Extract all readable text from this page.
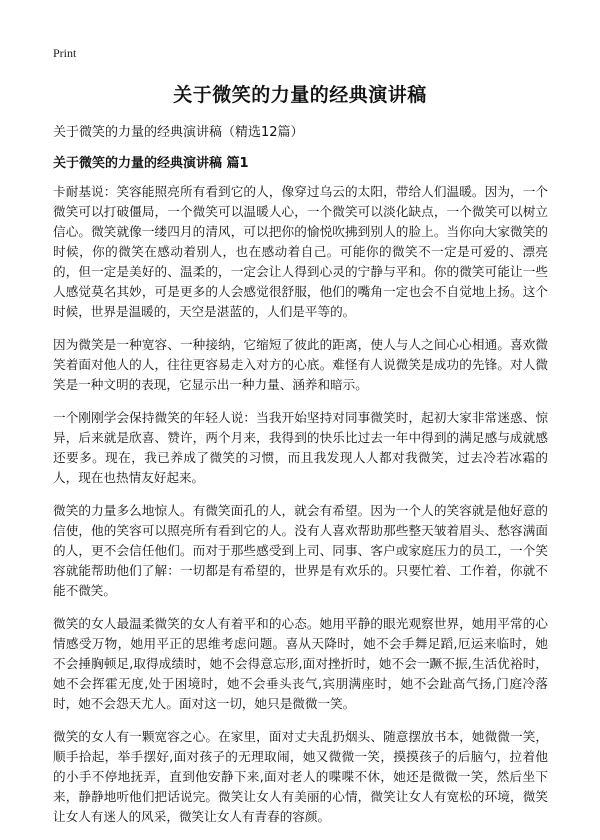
Print
关于微笑的力量的经典演讲稿
关于微笑的力量的经典演讲稿（精选12篇）
关于微笑的力量的经典演讲稿 篇1

卡耐基说：笑容能照亮所有看到它的人，像穿过乌云的太阳，带给人们温暖。因为，一个微笑可以打破僵局，一个微笑可以温暖人心，一个微笑可以淡化缺点，一个微笑可以树立信心。微笑就像一缕四月的清风，可以把你的愉悦吹拂到别人的脸上。当你向大家微笑的时候，你的微笑在感动着别人，也在感动着自己。可能你的微笑不一定是可爱的、漂亮的，但一定是美好的、温柔的，一定会让人得到心灵的宁静与平和。你的微笑可能让一些人感觉莫名其妙，可是更多的人会感觉很舒服，他们的嘴角一定也会不自觉地上扬。这个时候，世界是温暖的，天空是湛蓝的，人们是平等的。

因为微笑是一种宽容、一种接纳，它缩短了彼此的距离，使人与人之间心心相通。喜欢微笑着面对他人的人，往往更容易走入对方的心底。难怪有人说微笑是成功的先锋。对人微笑是一种文明的表现，它显示出一种力量、涵养和暗示。

一个刚刚学会保持微笑的年轻人说：当我开始坚持对同事微笑时，起初大家非常迷惑、惊异，后来就是欣喜、赞许，两个月来，我得到的快乐比过去一年中得到的满足感与成就感还要多。现在，我已养成了微笑的习惯，而且我发现人人都对我微笑，过去冷若冰霜的人，现在也热情友好起来。

微笑的力量多么地惊人。有微笑面孔的人，就会有希望。因为一个人的笑容就是他好意的信使，他的笑容可以照亮所有看到它的人。没有人喜欢帮助那些整天皱着眉头、愁容满面的人，更不会信任他们。而对于那些感受到上司、同事、客户或家庭压力的员工，一个笑容就能帮助他们了解：一切都是有希望的，世界是有欢乐的。只要忙着、工作着，你就不能不微笑。

微笑的女人最温柔微笑的女人有着平和的心态。她用平静的眼光观察世界，她用平常的心情感受万物，她用平正的思维考虑问题。喜从天降时，她不会手舞足蹈,厄运来临时，她不会捶胸顿足,取得成绩时，她不会得意忘形,面对挫折时，她不会一蹶不振,生活优裕时，她不会挥霍无度,处于困境时，她不会垂头丧气,宾朋满座时，她不会趾高气扬,门庭冷落时，她不会怨天尤人。面对这一切，她只是微微一笑。

微笑的女人有一颗宽容之心。在家里，面对丈夫乱扔烟头、随意摆放书本，她微微一笑，顺手拾起，举手摆好,面对孩子的无理取闹，她又微微一笑，摸摸孩子的后脑勺，拉着他的小手不停地抚弄，直到他安静下来,面对老人的喋喋不休，她还是微微一笑，然后坐下来，静静地听他们把话说完。微笑让女人有美丽的心情，微笑让女人有宽松的环境，微笑让女人有迷人的风采，微笑让女人有青春的容颜。
